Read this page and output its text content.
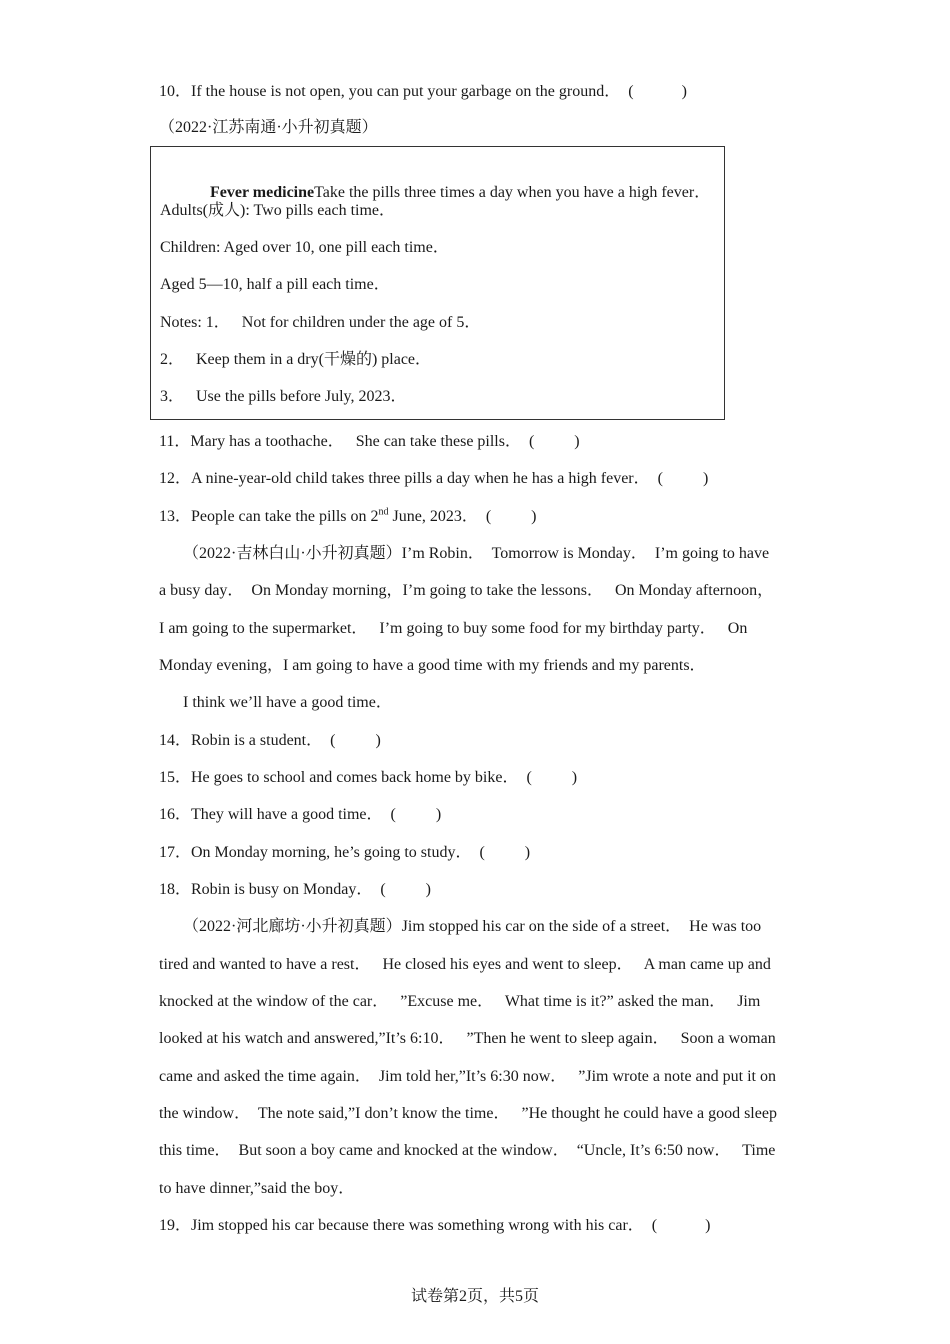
10．If the house is not open, you can put your garbage on the ground．  (            )
（2022·江苏南通·小升初真题）

Fever medicineTake the pills three times a day when you have a high fever．

Adults(成人): Two pills each time．
Children: Aged over 10, one pill each time．
Aged 5—10, half a pill each time．
Notes: 1．   Not for children under the age of 5．
2．   Keep them in a dry(干燥的) place．
3．   Use the pills before July, 2023．
11．Mary has a toothache．   She can take these pills．  (          )
12．A nine-year-old child takes three pills a day when he has a high fever．  (          )
13．People can take the pills on 2nd June, 2023．  (          )
（2022·吉林白山·小升初真题）I’m Robin．  Tomorrow is Monday．  I’m going to have
a busy day．  On Monday morning，I’m going to take the lessons．   On Monday afternoon，
I am going to the supermarket．   I’m going to buy some food for my birthday party．   On
Monday evening，I am going to have a good time with my friends and my parents．
I think we’ll have a good time．
14．Robin is a student．  (          )
15．He goes to school and comes back home by bike．  (          )
16．They will have a good time．  (          )
17．On Monday morning, he’s going to study．  (          )
18．Robin is busy on Monday．  (          )
（2022·河北廊坊·小升初真题）Jim stopped his car on the side of a street．  He was too
tired and wanted to have a rest．   He closed his eyes and went to sleep．   A man came up and
knocked at the window of the car．   ”Excuse me．   What time is it?” asked the man．   Jim
looked at his watch and answered,”It’s 6:10．   ”Then he went to sleep again．   Soon a woman
came and asked the time again．  Jim told her,”It’s 6:30 now．   ”Jim wrote a note and put it on
the window．  The note said,”I don’t know the time．   ”He thought he could have a good sleep
this time．  But soon a boy came and knocked at the window．  “Uncle, It’s 6:50 now．   Time
to have dinner,”said the boy．
19．Jim stopped his car because there was something wrong with his car．  (            )
试卷第2页，共5页
